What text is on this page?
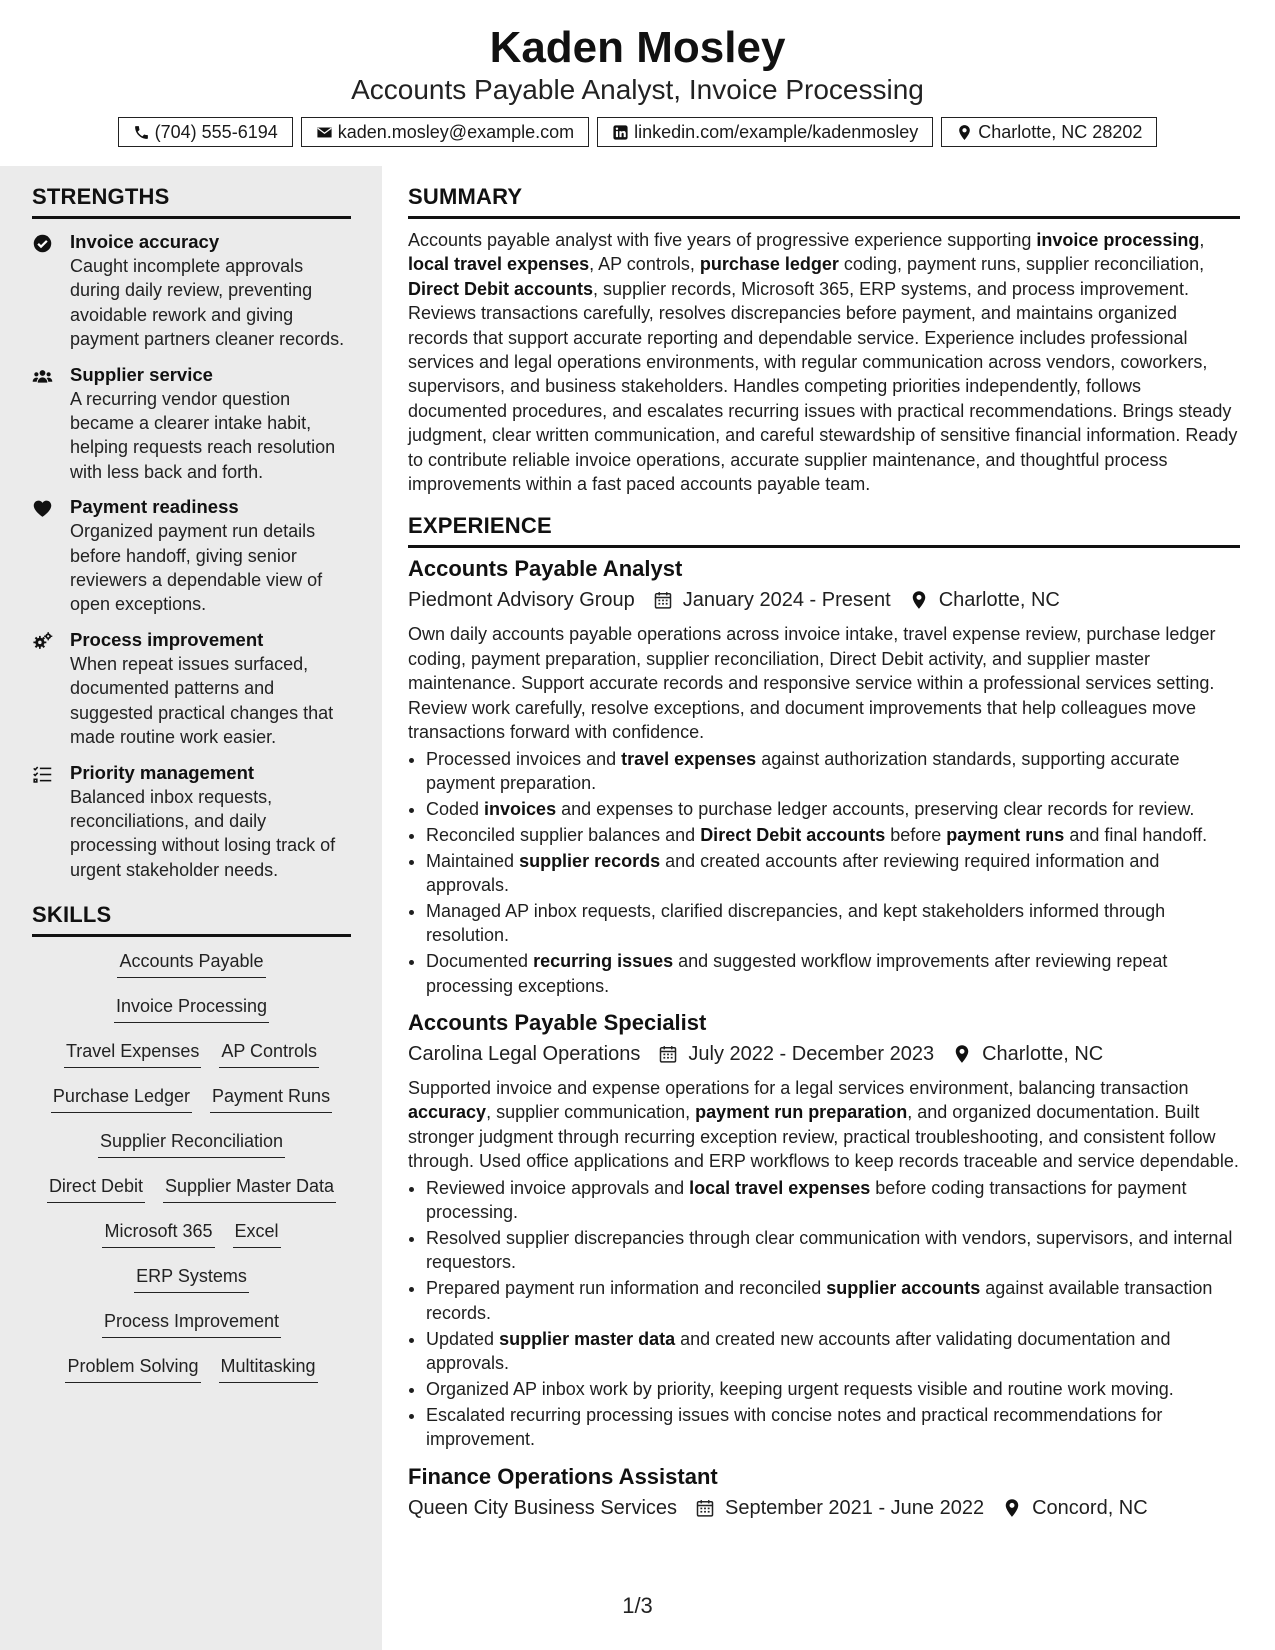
Kaden Mosley
Accounts Payable Analyst, Invoice Processing
(704) 555-6194	kaden.mosley@example.com	linkedin.com/example/kadenmosley	Charlotte, NC 28202
STRENGTHS
Invoice accuracy
Caught incomplete approvals during daily review, preventing avoidable rework and giving payment partners cleaner records.
Supplier service
A recurring vendor question became a clearer intake habit, helping requests reach resolution with less back and forth.
Payment readiness
Organized payment run details before handoff, giving senior reviewers a dependable view of open exceptions.
Process improvement
When repeat issues surfaced, documented patterns and suggested practical changes that made routine work easier.
Priority management
Balanced inbox requests, reconciliations, and daily processing without losing track of urgent stakeholder needs.
SKILLS
Accounts Payable
Invoice Processing
Travel Expenses AP Controls
Purchase Ledger Payment Runs
Supplier Reconciliation
Direct Debit Supplier Master Data
Microsoft 365 Excel
ERP Systems
Process Improvement
Problem Solving Multitasking
SUMMARY

Accounts payable analyst with five years of progressive experience supporting invoice processing, local travel expenses, AP controls, purchase ledger coding, payment runs, supplier reconciliation, Direct Debit accounts, supplier records, Microsoft 365, ERP systems, and process improvement. Reviews transactions carefully, resolves discrepancies before payment, and maintains organized records that support accurate reporting and dependable service. Experience includes professional services and legal operations environments, with regular communication across vendors, coworkers, supervisors, and business stakeholders. Handles competing priorities independently, follows documented procedures, and escalates recurring issues with practical recommendations. Brings steady judgment, clear written communication, and careful stewardship of sensitive financial information. Ready to contribute reliable invoice operations, accurate supplier maintenance, and thoughtful process improvements within a fast paced accounts payable team.

EXPERIENCE
Accounts Payable Analyst
Piedmont Advisory Group January 2024 - Present Charlotte, NC

Own daily accounts payable operations across invoice intake, travel expense review, purchase ledger coding, payment preparation, supplier reconciliation, Direct Debit activity, and supplier master maintenance. Support accurate records and responsive service within a professional services setting. Review work carefully, resolve exceptions, and document improvements that help colleagues move transactions forward with confidence.

• Processed invoices and travel expenses against authorization standards, supporting accurate payment preparation.
• Coded invoices and expenses to purchase ledger accounts, preserving clear records for review.
• Reconciled supplier balances and Direct Debit accounts before payment runs and final handoff.
• Maintained supplier records and created accounts after reviewing required information and approvals.
• Managed AP inbox requests, clarified discrepancies, and kept stakeholders informed through resolution.
• Documented recurring issues and suggested workflow improvements after reviewing repeat processing exceptions.
Accounts Payable Specialist
Carolina Legal Operations July 2022 - December 2023 Charlotte, NC

Supported invoice and expense operations for a legal services environment, balancing transaction accuracy, supplier communication, payment run preparation, and organized documentation. Built stronger judgment through recurring exception review, practical troubleshooting, and consistent follow through. Used office applications and ERP workflows to keep records traceable and service dependable.

• Reviewed invoice approvals and local travel expenses before coding transactions for payment processing.
• Resolved supplier discrepancies through clear communication with vendors, supervisors, and internal requestors.
• Prepared payment run information and reconciled supplier accounts against available transaction records.
• Updated supplier master data and created new accounts after validating documentation and approvals.
• Organized AP inbox work by priority, keeping urgent requests visible and routine work moving.
• Escalated recurring processing issues with concise notes and practical recommendations for improvement.
Finance Operations Assistant
Queen City Business Services September 2021 - June 2022 Concord, NC
1/3
